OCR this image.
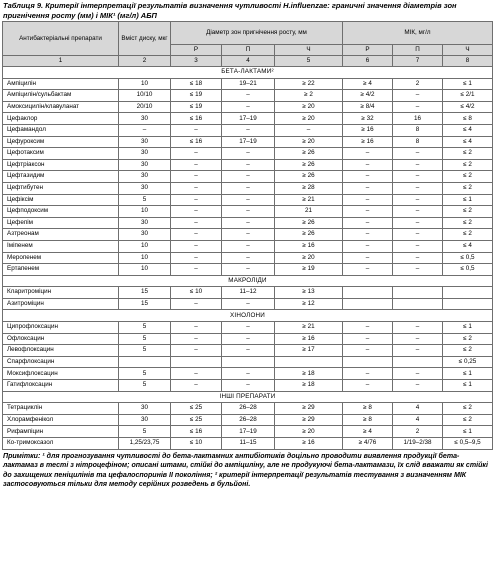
Таблиця 9. Критерії інтерпретації результатів визначення чутливості H.influenzae: граничні значення діаметрів зон пригнічення росту (мм) і МІК¹ (мг/л) АБП
Антибактеріальні препарати	Вміст диску, мкг	Діаметр зон пригнічення росту, мм			МІК, мг/л		
		Р	П	Ч	Р	П	Ч
1	2	3	4	5	6	7	8
БЕТА-ЛАКТАМИ²							
Ампіцилін	10	≤ 18	19–21	≥ 22	≥ 4	2	≤ 1
Ампіцилін/сульбактам	10/10	≤ 19	–	≥ 2	≥ 4/2	–	≤ 2/1
Амоксицилін/клавуланат	20/10	≤ 19	–	≥ 20	≥ 8/4	–	≤ 4/2
Цефаклор	30	≤ 16	17–19	≥ 20	≥ 32	16	≤ 8
Цефамандол	–	–	–	–	≥ 16	8	≤ 4
Цефуроксим	30	≤ 16	17–19	≥ 20	≥ 16	8	≤ 4
Цефотаксим	30	–	–	≥ 26	–	–	≤ 2
Цефтріаксон	30	–	–	≥ 26	–	–	≤ 2
Цефтазидим	30	–	–	≥ 26	–	–	≤ 2
Цефтибутен	30	–	–	≥ 28	–	–	≤ 2
Цефіксім	5	–	–	≥ 21	–	–	≤ 1
Цефподоксим	10	–	–	21	–	–	≤ 2
Цефепім	30	–	–	≥ 26	–	–	≤ 2
Азтреонам	30	–	–	≥ 26	–	–	≤ 2
Іміпенем	10	–	–	≥ 16	–	–	≤ 4
Меропенем	10	–	–	≥ 20	–	–	≤ 0,5
Ертапенем	10	–	–	≥ 19	–	–	≤ 0,5
МАКРОЛІДИ							
Кларитроміцин	15	≤ 10	11–12	≥ 13			
Азитроміцин	15	–	–	≥ 12			
ХІНОЛОНИ							
Ципрофлоксацин	5	–	–	≥ 21	–	–	≤ 1
Офлоксацин	5	–	–	≥ 16	–	–	≤ 2
Левофлоксацин	5	–	–	≥ 17	–	–	≤ 2
Спарфлоксацин							≤ 0,25
Моксифлоксацин	5	–	–	≥ 18	–	–	≤ 1
Гатифлоксацин	5	–	–	≥ 18	–	–	≤ 1
ІНШІ ПРЕПАРАТИ							
Тетрациклін	30	≤ 25	26–28	≥ 29	≥ 8	4	≤ 2
Хлорамфенікол	30	≤ 25	26–28	≥ 29	≥ 8	4	≤ 2
Рифампіцин	5	≤ 16	17–19	≥ 20	≥ 4	2	≤ 1
Ко-тримоксазол	1,25/23,75	≤ 10	11–15	≥ 16	≥ 4/76	1/19–2/38	≤ 0,5–9,5
Примітки: ¹ для прогнозування чутливості до бета-лактамних антибіотиків доцільно проводити виявлення продукції бета-лактамаз в тесті з нітроцефіном; описані штами, стійкі до ампіциліну, але не продукуючі бета-лактамази, їх слід вважати як стійкі до захищених пеніцилінів та цефалоспоринів ІІ покоління; ² критерії інтерпретації результатів тестування з визначенням МІК застосовуються тільки для методу серійних розведень в бульйоні.
